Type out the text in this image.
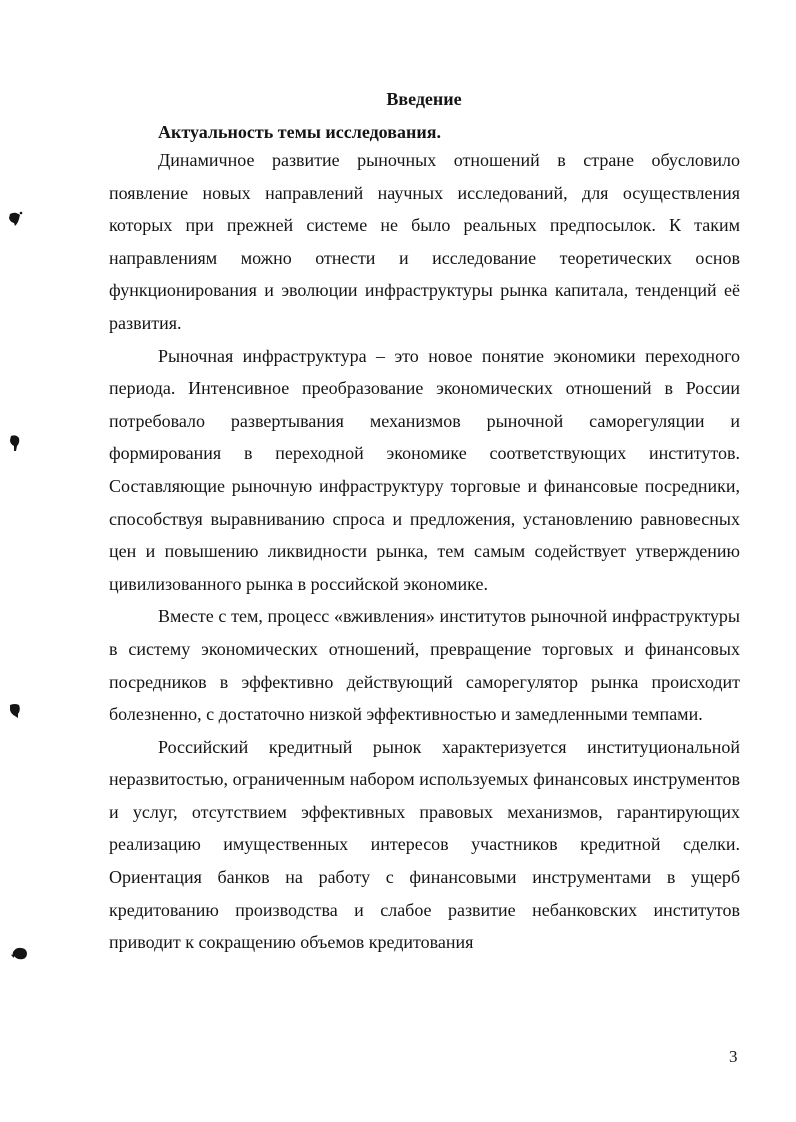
Введение
Актуальность темы исследования.

Динамичное развитие рыночных отношений в стране обусловило появление новых направлений научных исследований, для осуществления которых при прежней системе не было реальных предпосылок. К таким направлениям можно отнести и исследование теоретических основ функционирования и эволюции инфраструктуры рынка капитала, тенденций её развития.

Рыночная инфраструктура – это новое понятие экономики переходного периода. Интенсивное преобразование экономических отношений в России потребовало развертывания механизмов рыночной саморегуляции и формирования в переходной экономике соответствующих институтов. Составляющие рыночную инфраструктуру торговые и финансовые посредники, способствуя выравниванию спроса и предложения, установлению равновесных цен и повышению ликвидности рынка, тем самым содействует утверждению цивилизованного рынка в российской экономике.

Вместе с тем, процесс «вживления» институтов рыночной инфраструктуры в систему экономических отношений, превращение торговых и финансовых посредников в эффективно действующий саморегулятор рынка происходит болезненно, с достаточно низкой эффективностью и замедленными темпами.

Российский кредитный рынок характеризуется институциональной неразвитостью, ограниченным набором используемых финансовых инструментов и услуг, отсутствием эффективных правовых механизмов, гарантирующих реализацию имущественных интересов участников кредитной сделки. Ориентация банков на работу с финансовыми инструментами в ущерб кредитованию производства и слабое развитие небанковских институтов приводит к сокращению объемов кредитования

3
